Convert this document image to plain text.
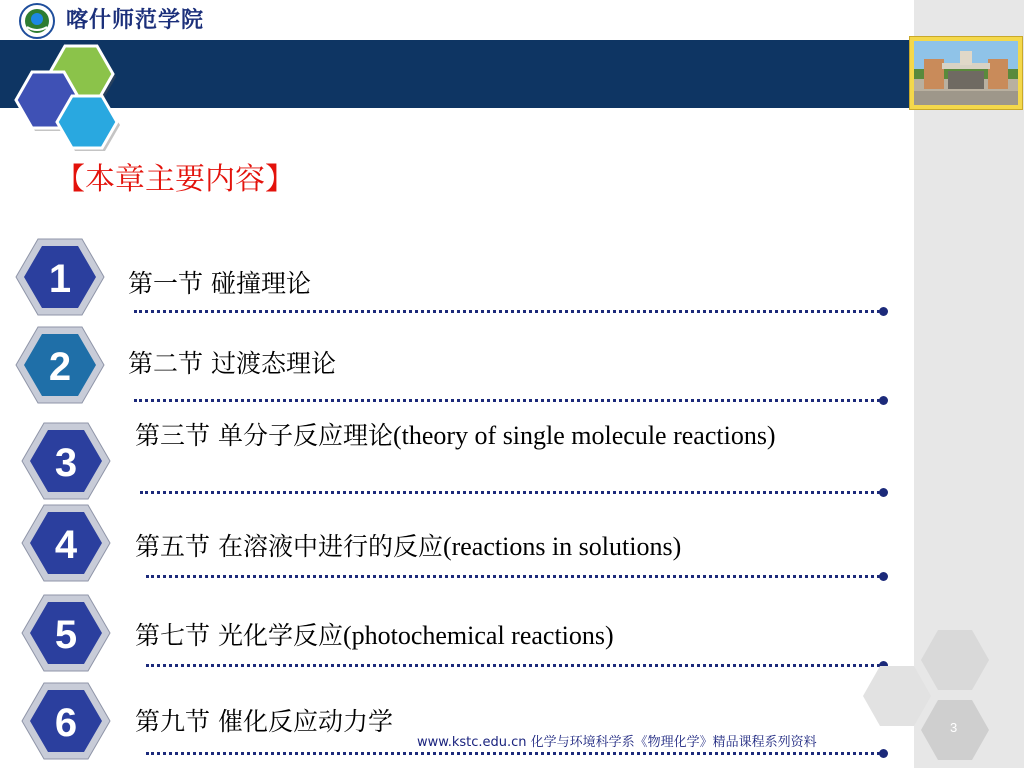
喀什师范学院
【本章主要内容】
1 第一节 碰撞理论
2 第二节 过渡态理论
3
第三节 单分子反应理论(theory of single molecule reactions)
4 第五节 在溶液中进行的反应(reactions in solutions)
5 第七节 光化学反应(photochemical reactions)
6 第九节 催化反应动力学
www.kstc.edu.cn 化学与环境科学系《物理化学》精品课程系列资料
3
